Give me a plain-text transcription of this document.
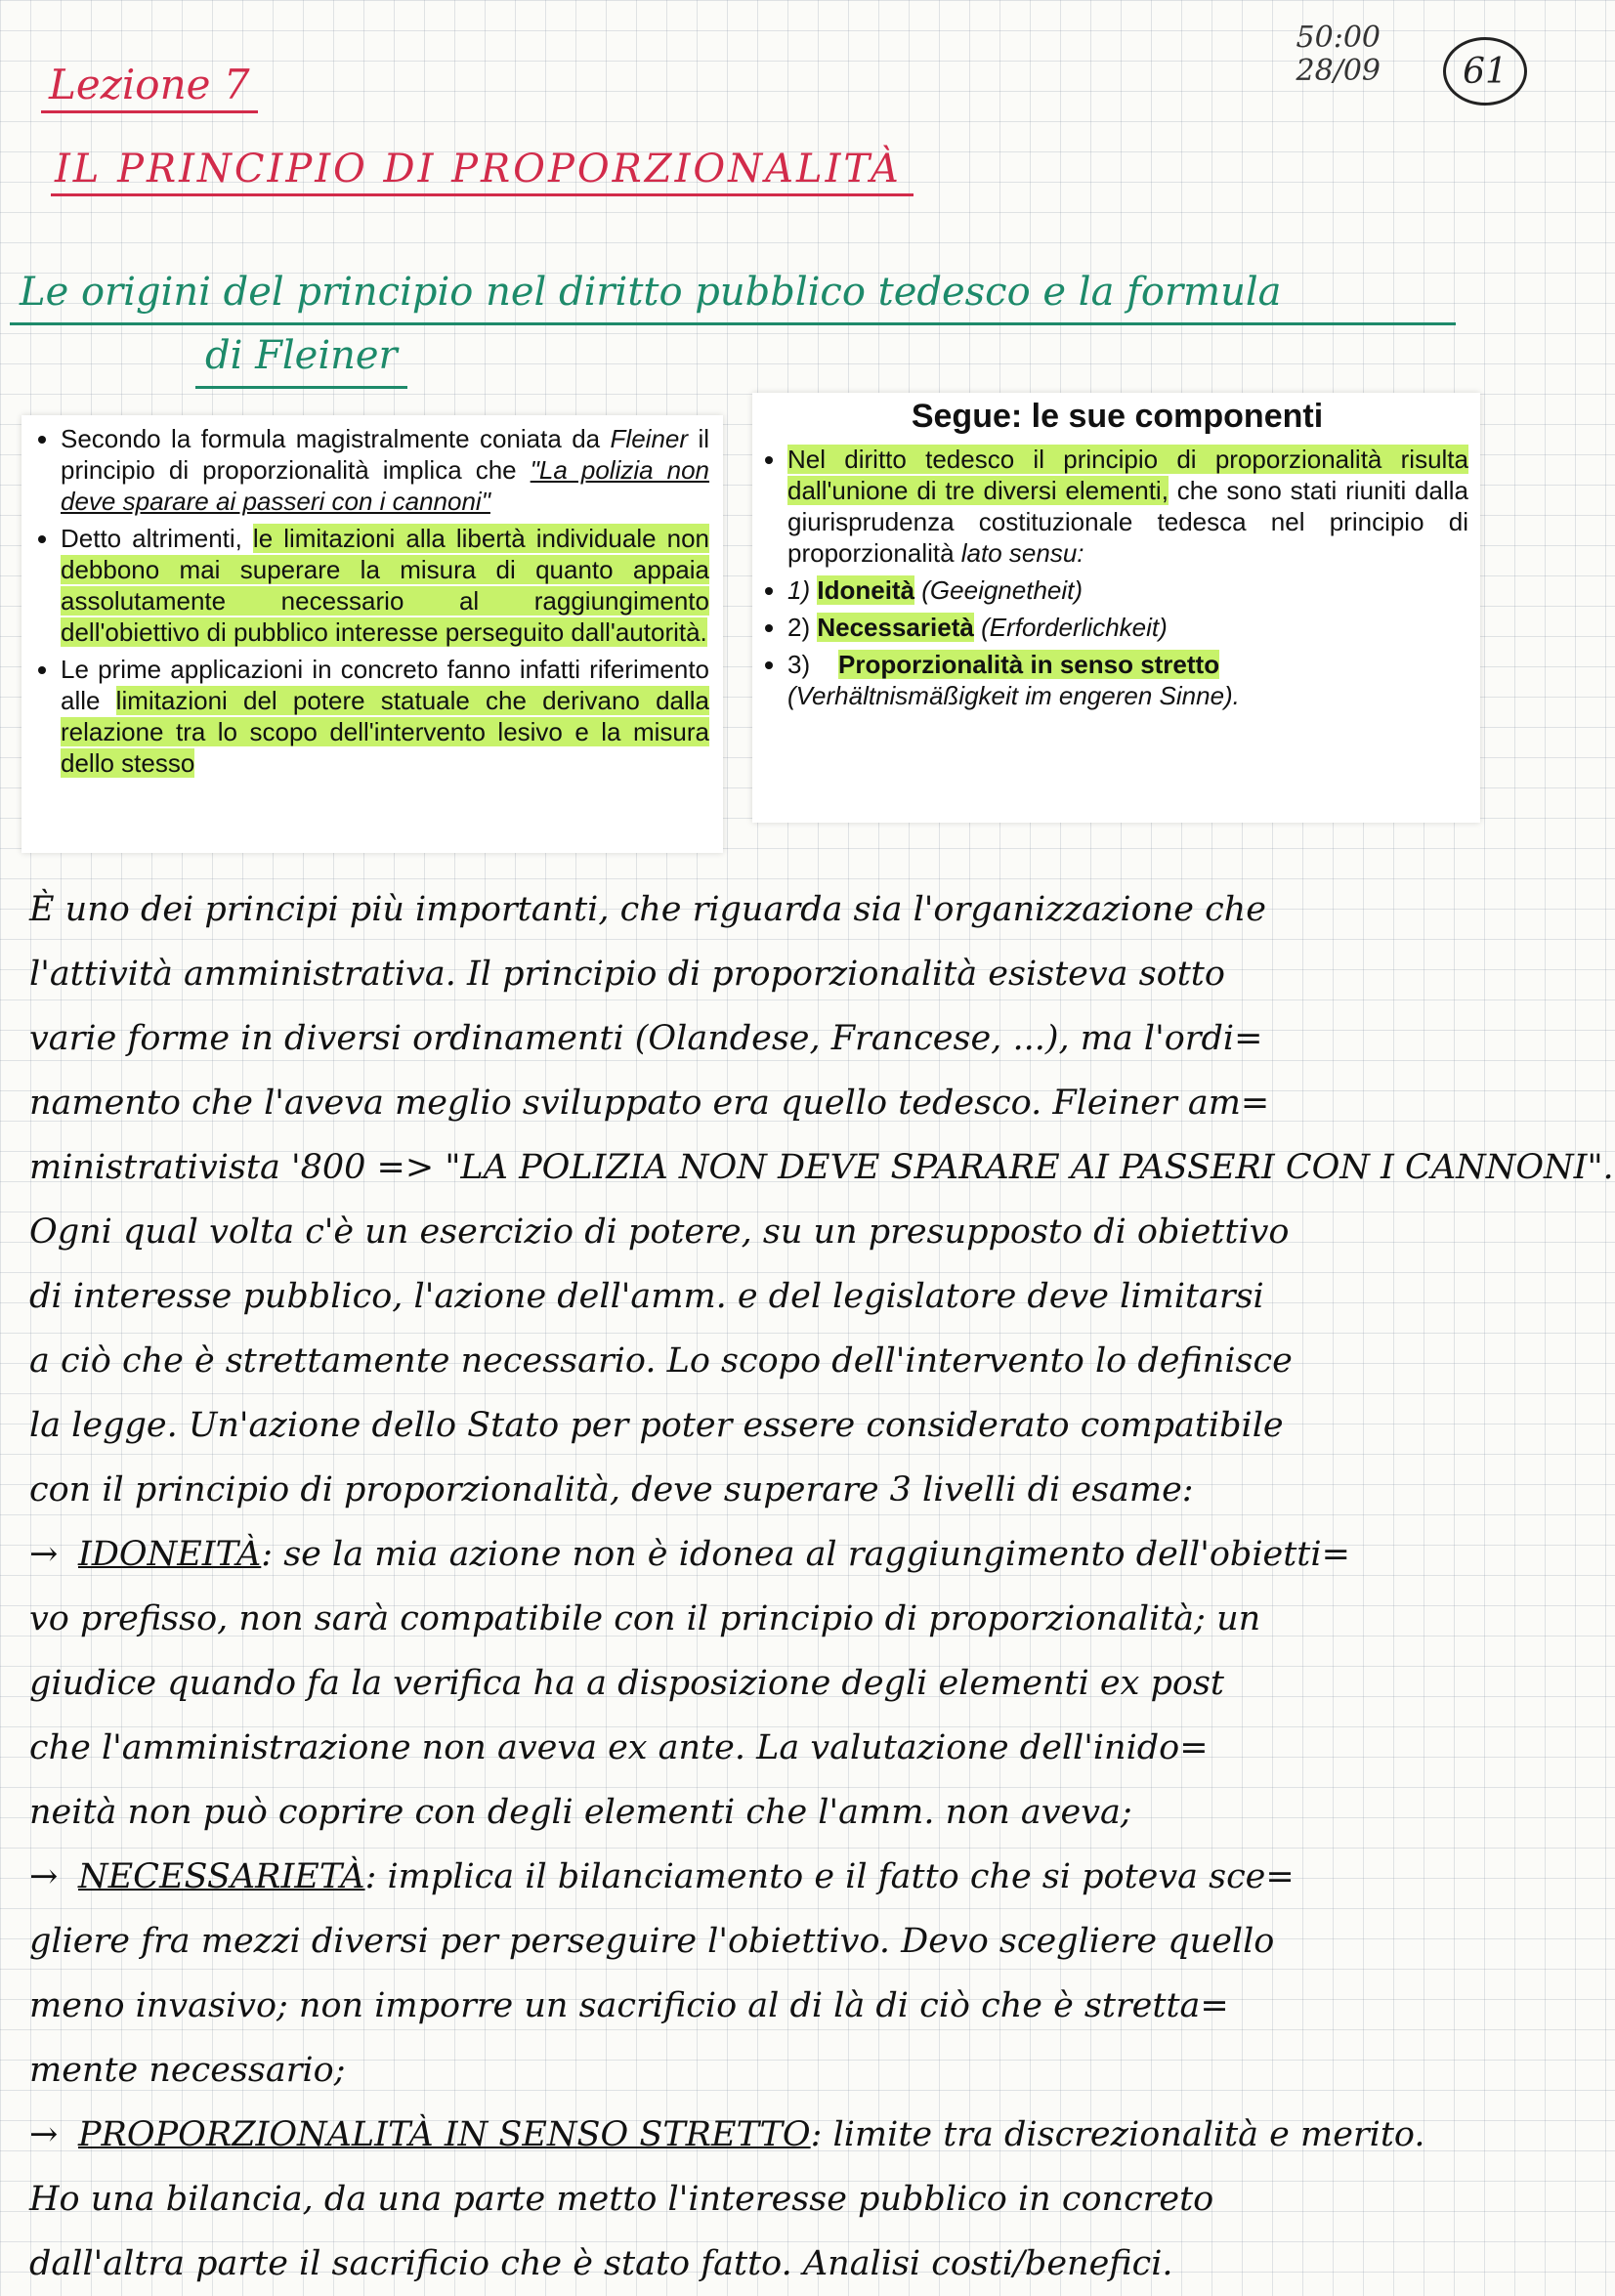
50:00
28/09 61
Lezione 7
IL PRINCIPIO DI PROPORZIONALITÀ
Le origini del principio nel diritto pubblico tedesco e la formula
di Fleiner
• Secondo la formula magistralmente coniata da Fleiner il principio di proporzionalità implica che "La polizia non deve sparare ai passeri con i cannoni"
• Detto altrimenti, le limitazioni alla libertà individuale non debbono mai superare la misura di quanto appaia assolutamente necessario al raggiungimento dell'obiettivo di pubblico interesse perseguito dall'autorità.
• Le prime applicazioni in concreto fanno infatti riferimento alle limitazioni del potere statuale che derivano dalla relazione tra lo scopo dell'intervento lesivo e la misura dello stesso
Segue: le sue componenti
• Nel diritto tedesco il principio di proporzionalità risulta dall'unione di tre diversi elementi, che sono stati riuniti dalla giurisprudenza costituzionale tedesca nel principio di proporzionalità lato sensu:
• 1) Idoneità (Geeignetheit)
• 2) Necessarietà (Erforderlichkeit)
• 3) Proporzionalità in senso stretto
(Verhältnismäßigkeit im engeren Sinne).
È uno dei principi più importanti, che riguarda sia l'organizzazione che
l'attività amministrativa. Il principio di proporzionalità esisteva sotto
varie forme in diversi ordinamenti (Olandese, Francese, ...), ma l'ordi=
namento che l'aveva meglio sviluppato era quello tedesco. Fleiner am=
ministrativista '800 => "LA POLIZIA NON DEVE SPARARE AI PASSERI CON I CANNONI".
Ogni qual volta c'è un esercizio di potere, su un presupposto di obiettivo
di interesse pubblico, l'azione dell'amm. e del legislatore deve limitarsi
a ciò che è strettamente necessario. Lo scopo dell'intervento lo definisce
la legge. Un'azione dello Stato per poter essere considerato compatibile
con il principio di proporzionalità, deve superare 3 livelli di esame:
→ IDONEITÀ: se la mia azione non è idonea al raggiungimento dell'obietti=
vo prefisso, non sarà compatibile con il principio di proporzionalità; un
giudice quando fa la verifica ha a disposizione degli elementi ex post
che l'amministrazione non aveva ex ante. La valutazione dell'inido=
neità non può coprire con degli elementi che l'amm. non aveva;
→ NECESSARIETÀ: implica il bilanciamento e il fatto che si poteva sce=
gliere fra mezzi diversi per perseguire l'obiettivo. Devo scegliere quello
meno invasivo; non imporre un sacrificio al di là di ciò che è stretta=
mente necessario;
→ PROPORZIONALITÀ IN SENSO STRETTO: limite tra discrezionalità e merito.
Ho una bilancia, da una parte metto l'interesse pubblico in concreto
dall'altra parte il sacrificio che è stato fatto. Analisi costi/benefici.
